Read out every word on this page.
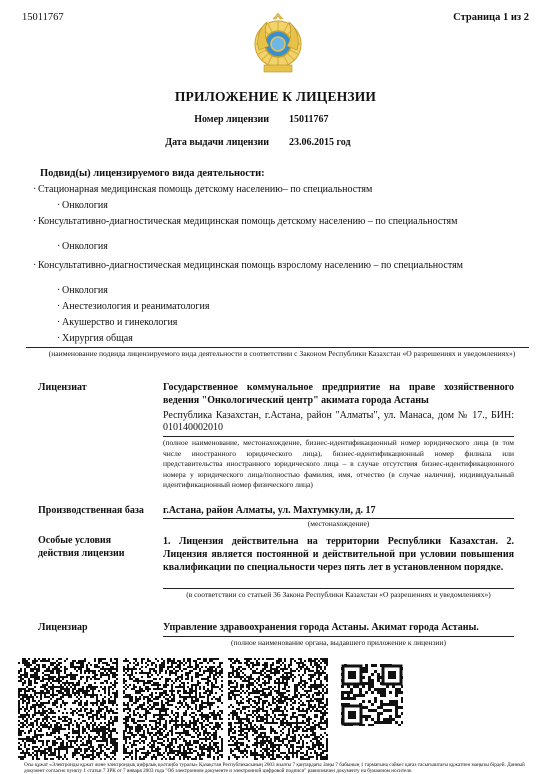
15011767	Страница 1 из 2
ПРИЛОЖЕНИЕ К ЛИЦЕНЗИИ
Номер лицензии 15011767
Дата выдачи лицензии 23.06.2015 год
Подвид(ы) лицензируемого вида деятельности:
· Стационарная медицинская помощь детскому населению– по специальностям
· Онкология
· Консультативно-диагностическая медицинская помощь детскому населению – по специальностям
· Онкология
· Консультативно-диагностическая медицинская помощь взрослому населению – по специальностям
· Онкология
· Анестезиология и реаниматология
· Акушерство и гинекология
· Хирургия общая
(наименование подвида лицензируемого вида деятельности в соответствии с Законом Республики Казахстан «О разрешениях и уведомлениях»)
Лицензиат	Государственное коммунальное предприятие на праве хозяйственного ведения "Онкологический центр" акимата города Астаны
Республика Казахстан, г.Астана, район "Алматы", ул. Манаса, дом № 17., БИН: 010140002010
(полное наименование, местонахождение, бизнес-идентификационный номер юридического лица (в том числе иностранного юридического лица), бизнес-идентификационный номер филиала или представительства иностранного юридического лица – в случае отсутствия бизнес-идентификационного номера у юридического лица/полностью фамилия, имя, отчество (в случае наличия), индивидуальный идентификационный номер физического лица)
Производственная база г.Астана, район Алматы, ул. Махтумкули, д. 17
(местонахождение)
Особые условия
действия лицензии
1. Лицензия действительна на территории Республики Казахстан. 2. Лицензия является постоянной и действительной при условии повышения квалификации по специальности через пять лет в установленном порядке.
(в соответствии со статьей 36 Закона Республики Казахстан «О разрешениях и уведомлениях»)
Лицензиар	Управление здравоохранения города Астаны. Акимат города Астаны.
(полное наименование органа, выдавшего приложение к лицензии)
Осы құжат «Электронды құжат және электрондық цифрлық қолтаңба туралы» Қазақстан Республикасының 2003 жылғы 7 қаңтардағы Заңы 7 бабының 1 тармағына сәйкес қағаз тасығыштағы құжатпен маңызы бірдей. Данный документ согласно пункту 1 статьи 7 ЗРК от 7 января 2003 года "Об электронном документе и электронной цифровой подписи" равнозначен документу на бумажном носителе.
